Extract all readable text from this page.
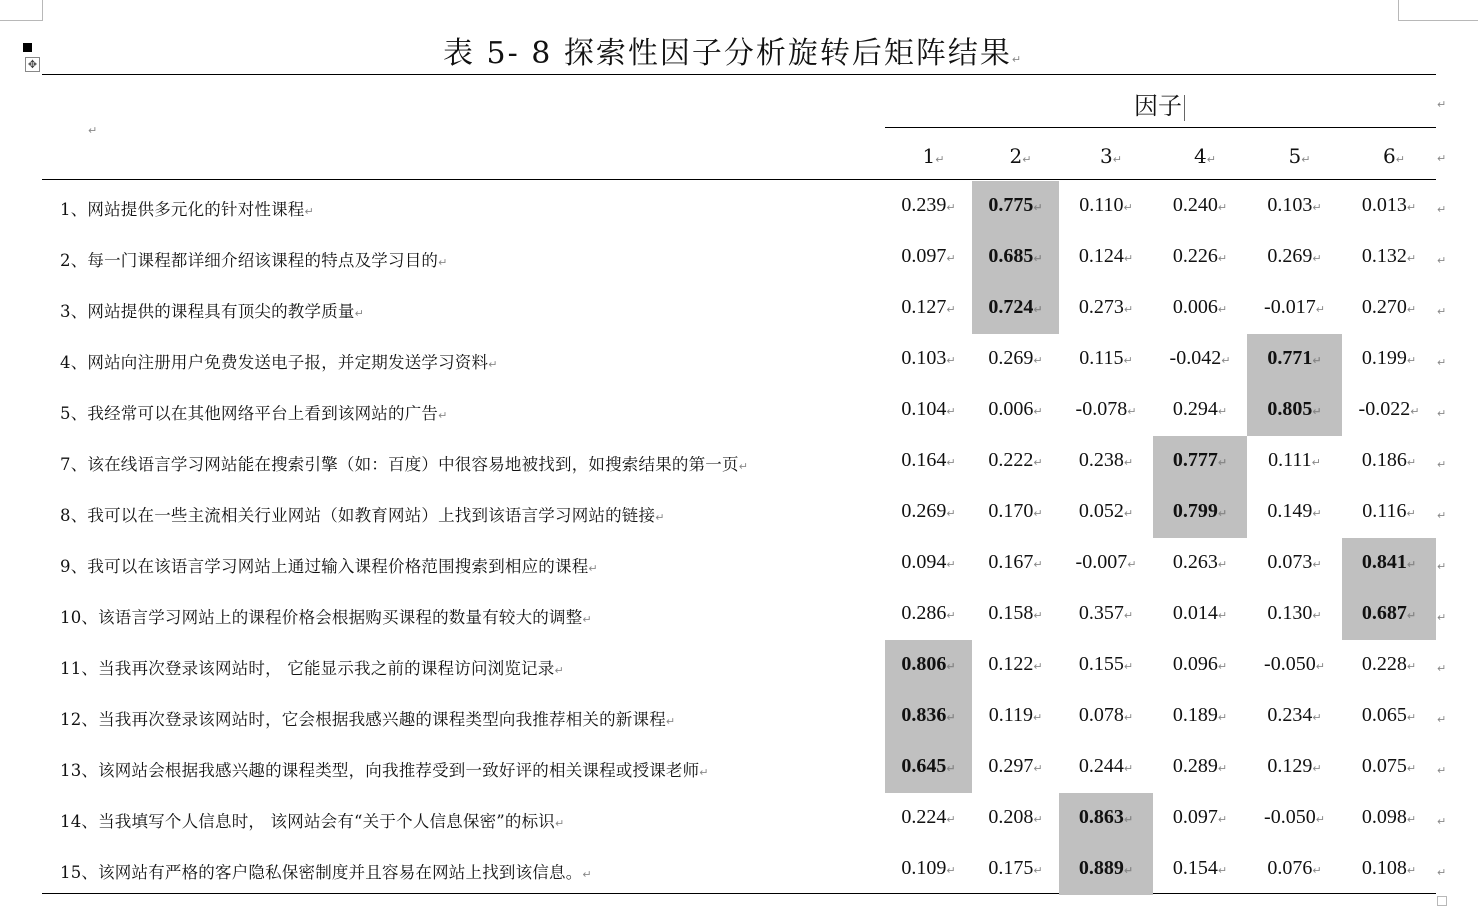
✥	表 5- 8 探索性因子分析旋转后矩阵结果↵
↵
因子	↵
1↵	2↵	3↵	4↵	5↵	6↵	↵
1、网站提供多元化的针对性课程↵	0.239↵	0.775↵	0.110↵	0.240↵	0.103↵	0.013↵	↵
2、每一门课程都详细介绍该课程的特点及学习目的↵	0.097↵	0.685↵	0.124↵	0.226↵	0.269↵	0.132↵	↵
3、网站提供的课程具有顶尖的教学质量↵	0.127↵	0.724↵	0.273↵	0.006↵	-0.017↵	0.270↵	↵
4、网站向注册用户免费发送电子报，并定期发送学习资料↵	0.103↵	0.269↵	0.115↵	-0.042↵	0.771↵	0.199↵	↵
5、我经常可以在其他网络平台上看到该网站的广告↵	0.104↵	0.006↵	-0.078↵	0.294↵	0.805↵	-0.022↵	↵
7、该在线语言学习网站能在搜索引擎（如：百度）中很容易地被找到，如搜索结果的第一页↵	0.164↵	0.222↵	0.238↵	0.777↵	0.111↵	0.186↵	↵
8、我可以在一些主流相关行业网站（如教育网站）上找到该语言学习网站的链接↵	0.269↵	0.170↵	0.052↵	0.799↵	0.149↵	0.116↵	↵
9、我可以在该语言学习网站上通过输入课程价格范围搜索到相应的课程↵	0.094↵	0.167↵	-0.007↵	0.263↵	0.073↵	0.841↵	↵
10、该语言学习网站上的课程价格会根据购买课程的数量有较大的调整↵	0.286↵	0.158↵	0.357↵	0.014↵	0.130↵	0.687↵	↵
11、当我再次登录该网站时， 它能显示我之前的课程访问浏览记录↵	0.806↵	0.122↵	0.155↵	0.096↵	-0.050↵	0.228↵	↵
12、当我再次登录该网站时，它会根据我感兴趣的课程类型向我推荐相关的新课程↵	0.836↵	0.119↵	0.078↵	0.189↵	0.234↵	0.065↵	↵
13、该网站会根据我感兴趣的课程类型，向我推荐受到一致好评的相关课程或授课老师↵	0.645↵	0.297↵	0.244↵	0.289↵	0.129↵	0.075↵	↵
14、当我填写个人信息时， 该网站会有“关于个人信息保密”的标识↵	0.224↵	0.208↵	0.863↵	0.097↵	-0.050↵	0.098↵	↵
15、该网站有严格的客户隐私保密制度并且容易在网站上找到该信息。↵	0.109↵	0.175↵	0.889↵	0.154↵	0.076↵	0.108↵	↵
